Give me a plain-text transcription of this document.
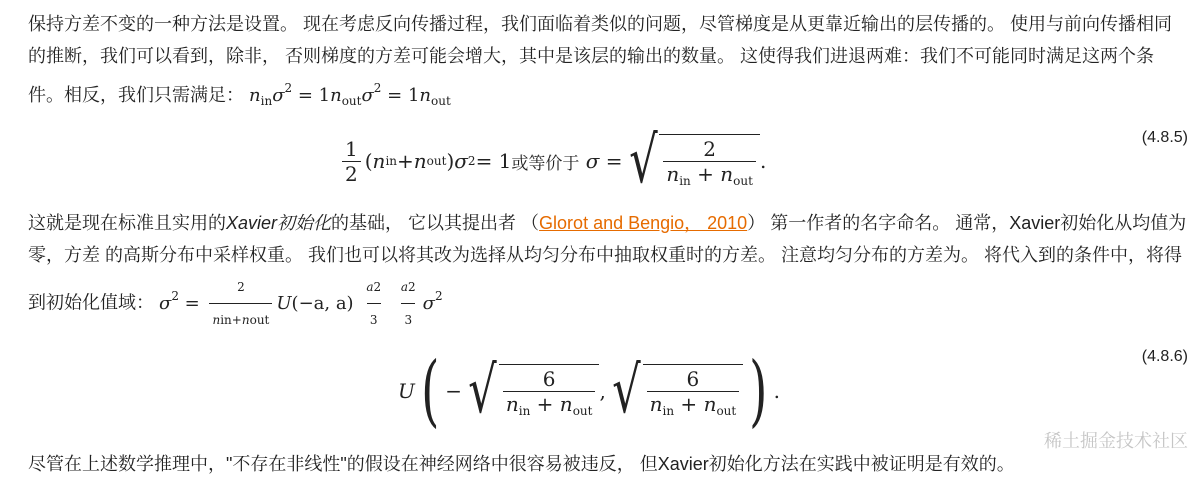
保持方差不变的一种方法是设置。 现在考虑反向传播过程，我们面临着类似的问题，尽管梯度是从更靠近输出的层传播的。 使用与前向传播相同的推断，我们可以看到，除非， 否则梯度的方差可能会增大，其中是该层的输出的数量。 这使得我们进退两难：我们不可能同时满足这两个条件。相反，我们只需满足： $n_{in}\sigma^2 = 1n_{out}\sigma^2 = 1n_{out}$

$\frac{1}{2}$ ( n in + n out ) σ 2 = 1 或等价于
σ = √ $\frac{2}{n_{in} + n_{out}}$ .
(4.8.5)

这就是现在标准且实用的Xavier初始化的基础， 它以其提出者 （Glorot and Bengio， 2010） 第一作者的名字命名。 通常，Xavier初始化从均值为零，方差 的高斯分布中采样权重。 我们也可以将其改为选择从均匀分布中抽取权重时的方差。 注意均匀分布的方差为。 将代入到的条件中，将得到初始化值域： $\sigma^2 = \frac{2}{\text{nin+nout}} U(-a$, $a) \frac{a2}{3}$
$\frac{a2}{3} \sigma^2$

U ( − √ $\frac{6}{n_{in} + n_{out}}$ , √ $\frac{6}{n_{in} + n_{out}}$ ) .
(4.8.6)

尽管在上述数学推理中，"不存在非线性"的假设在神经网络中很容易被违反， 但Xavier初始化方法在实践中被证明是有效的。

稀土掘金技术社区
